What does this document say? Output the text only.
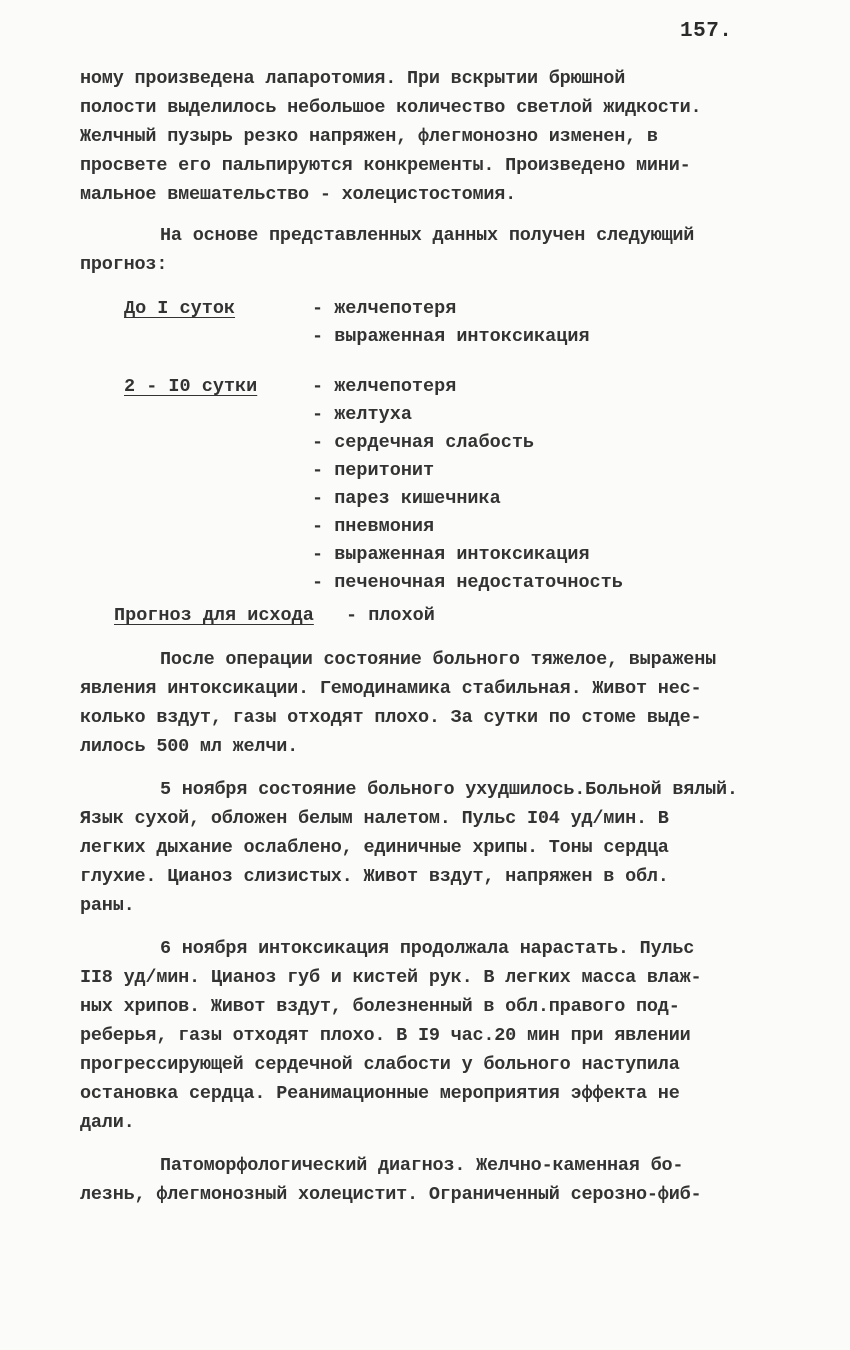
157.

ному произведена лапаротомия. При вскрытии брюшной
полости выделилось небольшое количество светлой жидкости.
Желчный пузырь резко напряжен, флегмонозно изменен, в
просвете его пальпируются конкременты. Произведено мини-
мальное вмешательство - холецистостомия.

На основе представленных данных получен следующий
прогноз:

До I суток	- желчепотеря
- выраженная интоксикация
2 - I0 сутки	- желчепотеря
- желтуха
- сердечная слабость
- перитонит
- парез кишечника
- пневмония
- выраженная интоксикация
- печеночная недостаточность
Прогноз для исхода - плохой

После операции состояние больного тяжелое, выражены
явления интоксикации. Гемодинамика стабильная. Живот нес-
колько вздут, газы отходят плохо. За сутки по стоме выде-
лилось 500 мл желчи.

5 ноября состояние больного ухудшилось.Больной вялый.
Язык сухой, обложен белым налетом. Пульс I04 уд/мин. В
легких дыхание ослаблено, единичные хрипы. Тоны сердца
глухие. Цианоз слизистых. Живот вздут, напряжен в обл.
раны.

6 ноября интоксикация продолжала нарастать. Пульс
II8 уд/мин. Цианоз губ и кистей рук. В легких масса влаж-
ных хрипов. Живот вздут, болезненный в обл.правого под-
реберья, газы отходят плохо. В I9 час.20 мин при явлении
прогрессирующей сердечной слабости у больного наступила
остановка сердца. Реанимационные мероприятия эффекта не
дали.

Патоморфологический диагноз. Желчно-каменная бо-
лезнь, флегмонозный холецистит. Ограниченный серозно-фиб-
